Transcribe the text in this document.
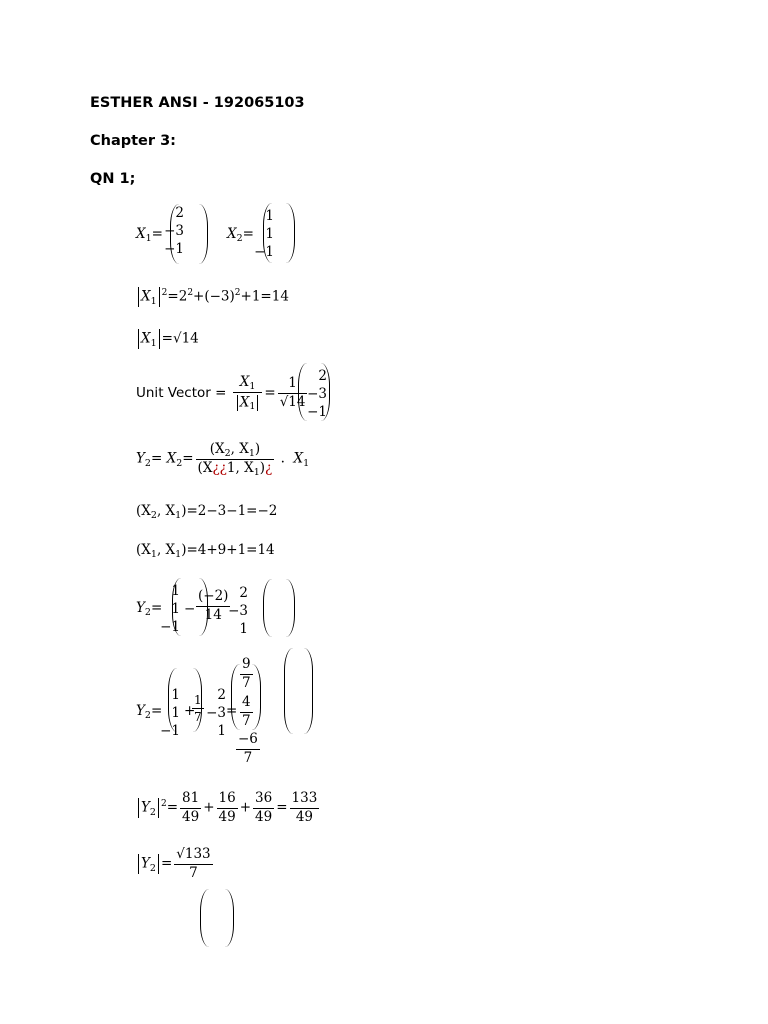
ESTHER ANSI - 192065103

Chapter 3:

QN 1;

$X_1=$
2
−3
−1
$X_2=$
1
1
−1
$X_1^2=2^2+(-3)^2+1=14$
$X_1 =√14$
Unit Vector = $\frac{X_1}{X_1} = \frac{1}{√14}$
2
−3
−1
$Y_2= X_2= \frac{(X_2, X_1)}{(X¿¿1, X_1)¿}$ . $X_1$
($X_2$, $X_1)=2-3-1=-2$
($X_1$, $X_1)=4+9+1=14$
$Y_2=$
1
1
−1
− $\frac{(-2)}{14} 2$
−3
1
$Y_2=$
1
1
−1
+
$\frac{1}{7}$	2
−3
1
=
$\frac{9}{7}$
$\frac{4}{7}$
$\frac{-6}{7}$
$Y_2^2= \frac{81}{49} + \frac{16}{49} + \frac{36}{49} = \frac{133}{49}$
$Y_2 = \frac{√133}{7}$
